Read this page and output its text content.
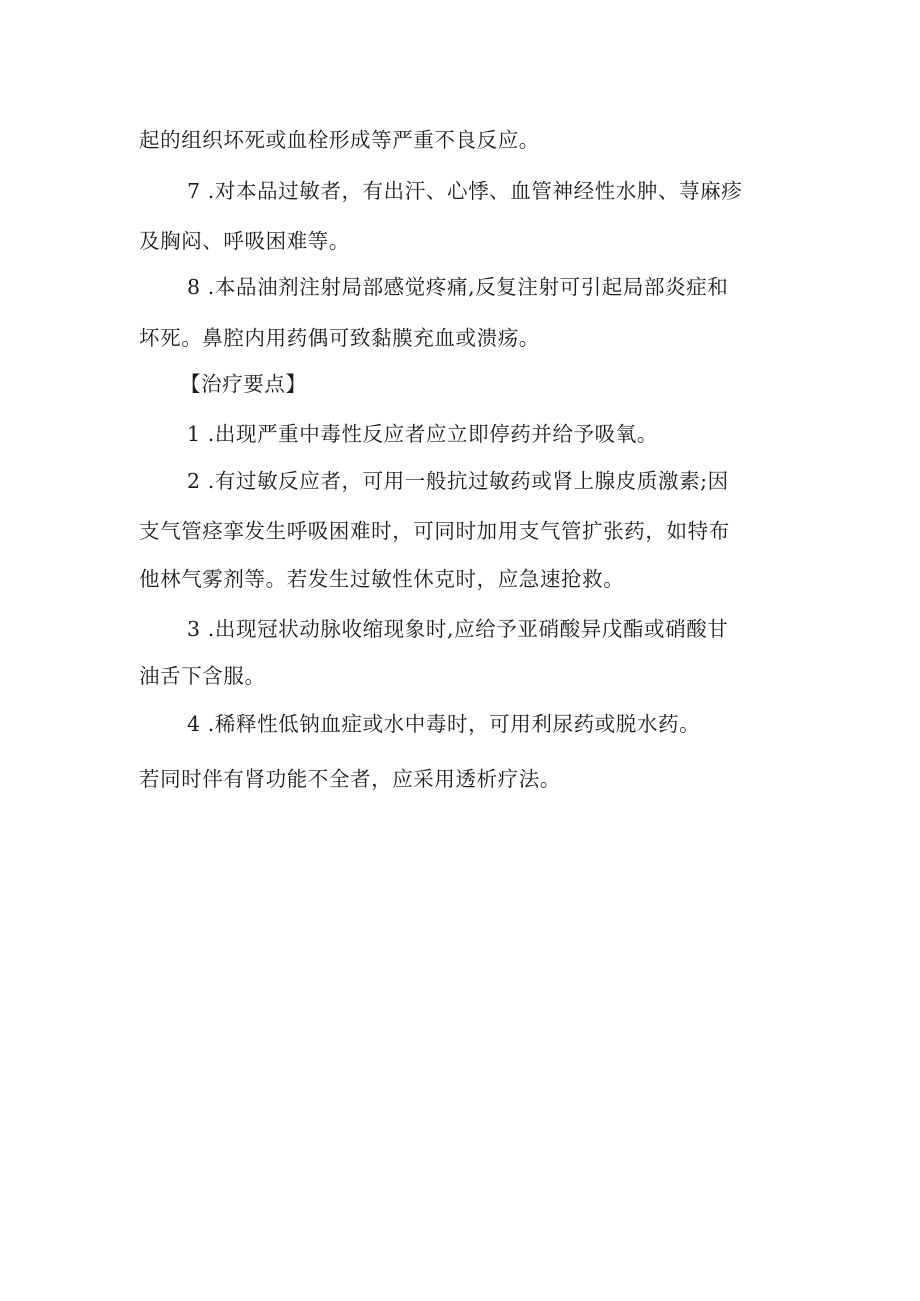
起的组织坏死或血栓形成等严重不良反应。
7 .对本品过敏者，有出汗、心悸、血管神经性水肿、荨麻疹
及胸闷、呼吸困难等。
8 .本品油剂注射局部感觉疼痛,反复注射可引起局部炎症和
坏死。鼻腔内用药偶可致黏膜充血或溃疡。
【治疗要点】
1 .出现严重中毒性反应者应立即停药并给予吸氧。
2 .有过敏反应者，可用一般抗过敏药或肾上腺皮质激素;因
支气管痉挛发生呼吸困难时，可同时加用支气管扩张药，如特布
他林气雾剂等。若发生过敏性休克时，应急速抢救。
3 .出现冠状动脉收缩现象时,应给予亚硝酸异戊酯或硝酸甘
油舌下含服。
4 .稀释性低钠血症或水中毒时，可用利尿药或脱水药。
若同时伴有肾功能不全者，应采用透析疗法。
